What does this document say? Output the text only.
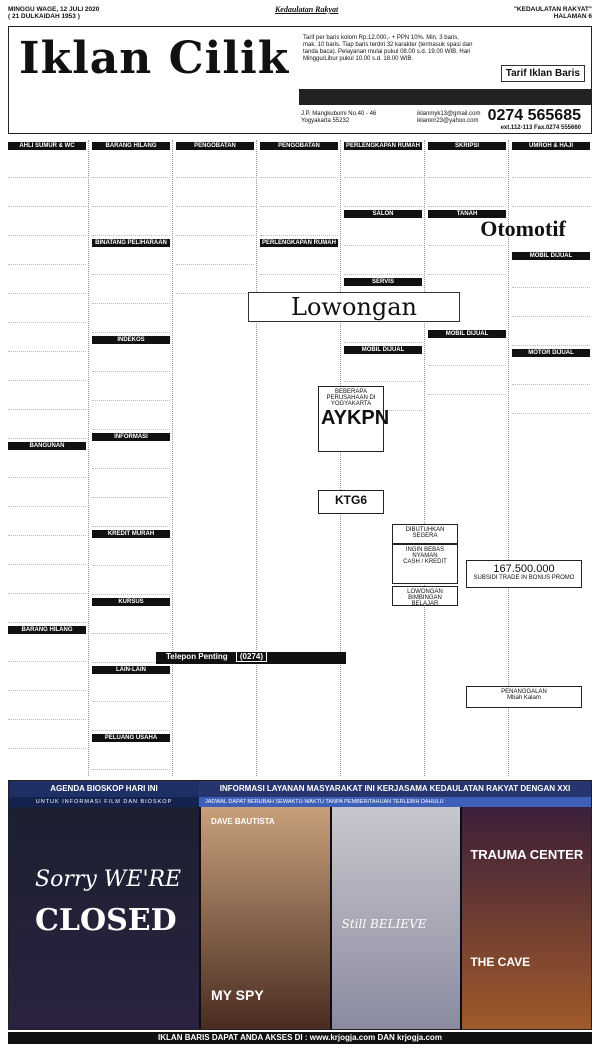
MINGGU WAGE, 12 JULI 2020
( 21 DULKAIDAH 1953 )
Kedaulatan Rakyat	"KEDAULATAN RAKYAT"
HALAMAN 6
Iklan Cilik Tarif per baris kolom Rp.12.000,- + PPN 10%. Min. 3 baris, mak. 10 baris. Tiap baris terdiri 32 karakter (termasuk spasi dan tanda baca). Pelayanan mulai pukul 08.00 s.d. 19.00 WIB. Hari Minggu/Libur pukul 10.00 s.d. 18.00 WIB.
Tarif Iklan Baris
J.P. Mangkubumi No.40 - 46
Yogyakarta 55232
iklanmyk13@gmail.com
iklankrr23@yahoo.com 0274 565685
ext.112-113 Fax.0274 555660
AHLI SUMUR & WC
BANGUNAN
BARANG HILANG
BARANG HILANG
BINATANG PELIHARAAN
INDEKOS
INFORMASI
KREDIT MURAH
KURSUS
LAIN-LAIN
PELUANG USAHA
PENGOBATAN	PENGOBATAN
PERLENGKAPAN RUMAH
PERLENGKAPAN RUMAH
SALON
SERVIS
MOBIL DIJUAL
SKRIPSI
TANAH
MOBIL DIJUAL
UMROH & HAJI
MOBIL DIJUAL
MOTOR DIJUAL
Otomotif
Lowongan
BEBERAPA PERUSAHAAN DI YOGYAKARTA
AYKPN
KTG6
DIBUTUHKAN SEGERA
LOWONGAN BIMBINGAN BELAJAR
INGIN BEBAS NYAMAN
CASH / KREDIT
167.500.000
SUBSIDI TRADE IN BONUS PROMO
PENANGGALAN
Mbah Kalam
Telepon Penting (0274)
AGENDA BIOSKOP HARI INI	INFORMASI LAYANAN MASYARAKAT INI KERJASAMA KEDAULATAN RAKYAT DENGAN XXI
UNTUK INFORMASI FILM DAN BIOSKOP	JADWAL DAPAT BERUBAH SEWAKTU-WAKTU TANPA PEMBERITAHUAN TERLEBIH DAHULU
Sorry WE'RE
CLOSED
DAVE BAUTISTA
MY SPY
Still BELIEVE
TRAUMA CENTER
THE CAVE
IKLAN BARIS DAPAT ANDA AKSES DI : www.krjogja.com DAN krjogja.com
